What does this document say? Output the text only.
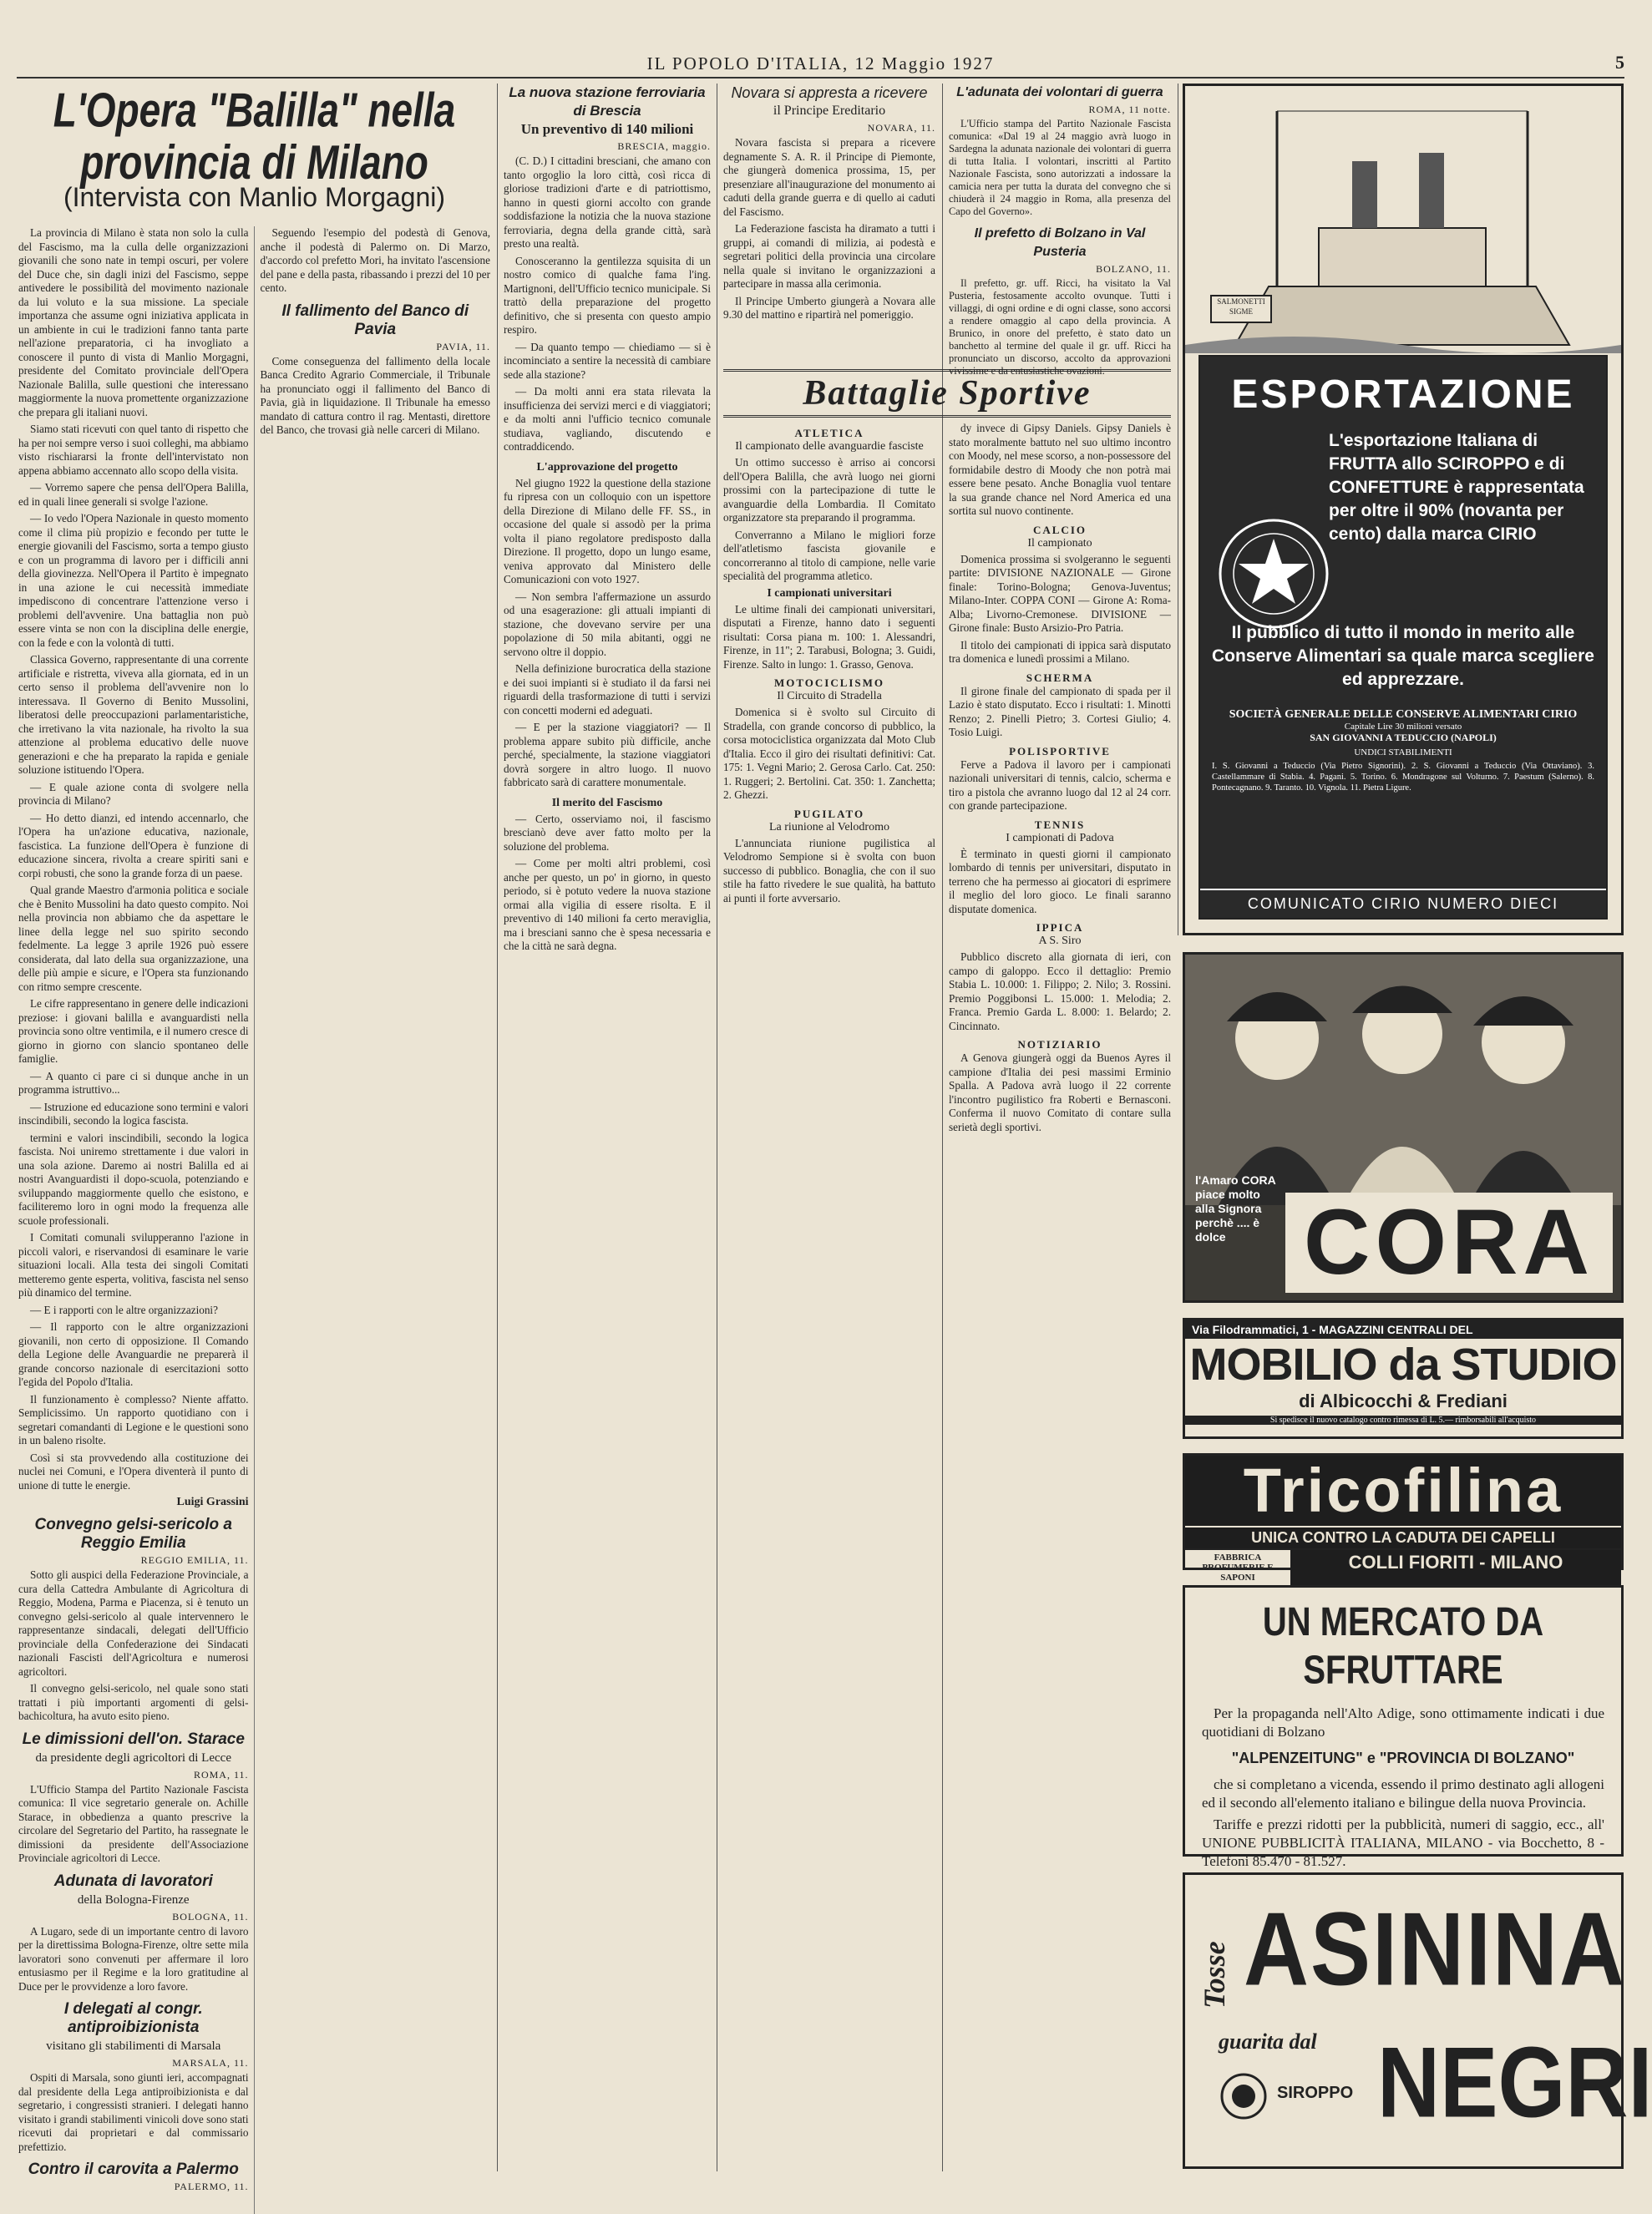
IL POPOLO D'ITALIA, 12 Maggio 1927	5
L'Opera "Balilla" nella provincia di Milano
(Intervista con Manlio Morgagni)

La provincia di Milano è stata non solo la culla del Fascismo, ma la culla delle organizzazioni giovanili che sono nate in tempi oscuri, per volere del Duce che, sin dagli inizi del Fascismo, seppe antivedere le possibilità del movimento nazionale da lui voluto e la sua missione. La speciale importanza che assume ogni iniziativa applicata in un ambiente in cui le tradizioni fanno tanta parte nell'azione preparatoria, ci ha invogliato a conoscere il punto di vista di Manlio Morgagni, presidente del Comitato provinciale dell'Opera Nazionale Balilla, sulle questioni che interessano maggiormente la nuova promettente organizzazione che prepara gli italiani nuovi.

Siamo stati ricevuti con quel tanto di rispetto che ha per noi sempre verso i suoi colleghi, ma abbiamo visto rischiararsi la fronte dell'intervistato non appena abbiamo accennato allo scopo della visita.

— Vorremo sapere che pensa dell'Opera Balilla, ed in quali linee generali si svolge l'azione.

— Io vedo l'Opera Nazionale in questo momento come il clima più propizio e fecondo per tutte le energie giovanili del Fascismo, sorta a tempo giusto e con un programma di lavoro per i difficili anni della giovinezza. Nell'Opera il Partito è impegnato in una azione le cui necessità immediate impediscono di concentrare l'attenzione verso i problemi dell'avvenire. Una battaglia non può essere vinta se non con la disciplina delle energie, con la fede e con la volontà di tutti.

Classica Governo, rappresentante di una corrente artificiale e ristretta, viveva alla giornata, ed in un certo senso il problema dell'avvenire non lo interessava. Il Governo di Benito Mussolini, liberatosi delle preoccupazioni parlamentaristiche, che irretivano la vita nazionale, ha rivolto la sua attenzione al problema educativo delle nuove generazioni e che ha preparato la rapida e geniale soluzione istituendo l'Opera.

— E quale azione conta di svolgere nella provincia di Milano?

— Ho detto dianzi, ed intendo accennarlo, che l'Opera ha un'azione educativa, nazionale, fascistica. La funzione dell'Opera è funzione di educazione sincera, rivolta a creare spiriti sani e corpi robusti, che sono la grande forza di un paese.

Qual grande Maestro d'armonia politica e sociale che è Benito Mussolini ha dato questo compito. Noi nella provincia non abbiamo che da aspettare le linee della legge nel suo spirito secondo fedelmente. La legge 3 aprile 1926 può essere considerata, dal lato della sua organizzazione, una delle più ampie e sicure, e l'Opera sta funzionando con ritmo sempre crescente.

Le cifre rappresentano in genere delle indicazioni preziose: i giovani balilla e avanguardisti nella provincia sono oltre ventimila, e il numero cresce di giorno in giorno con slancio spontaneo delle famiglie.

— A quanto ci pare ci si dunque anche in un programma istruttivo...

— Istruzione ed educazione sono termini e valori inscindibili, secondo la logica fascista.

termini e valori inscindibili, secondo la logica fascista. Noi uniremo strettamente i due valori in una sola azione. Daremo ai nostri Balilla ed ai nostri Avanguardisti il dopo-scuola, potenziando e sviluppando maggiormente quello che esistono, e faciliteremo loro in ogni modo la frequenza alle scuole professionali.

I Comitati comunali svilupperanno l'azione in piccoli valori, e riservandosi di esaminare le varie situazioni locali. Alla testa dei singoli Comitati metteremo gente esperta, volitiva, fascista nel senso più dinamico del termine.

— E i rapporti con le altre organizzazioni?

— Il rapporto con le altre organizzazioni giovanili, non certo di opposizione. Il Comando della Legione delle Avanguardie ne preparerà il grande concorso nazionale di esercitazioni sotto l'egida del Popolo d'Italia.

Il funzionamento è complesso? Niente affatto. Semplicissimo. Un rapporto quotidiano con i segretari comandanti di Legione e le questioni sono in un baleno risolte.

Così si sta provvedendo alla costituzione dei nuclei nei Comuni, e l'Opera diventerà il punto di unione di tutte le energie.

Luigi Grassini
Convegno gelsi-sericolo a Reggio Emilia
REGGIO EMILIA, 11.

Sotto gli auspici della Federazione Provinciale, a cura della Cattedra Ambulante di Agricoltura di Reggio, Modena, Parma e Piacenza, si è tenuto un convegno gelsi-sericolo al quale intervennero le rappresentanze sindacali, delegati dell'Ufficio provinciale della Confederazione dei Sindacati nazionali Fascisti dell'Agricoltura e numerosi agricoltori.

Il convegno gelsi-sericolo, nel quale sono stati trattati i più importanti argomenti di gelsi-bachicoltura, ha avuto esito pieno.

Le dimissioni dell'on. Starace
da presidente degli agricoltori di Lecce
ROMA, 11.

L'Ufficio Stampa del Partito Nazionale Fascista comunica: Il vice segretario generale on. Achille Starace, in obbedienza a quanto prescrive la circolare del Segretario del Partito, ha rassegnate le dimissioni da presidente dell'Associazione Provinciale agricoltori di Lecce.

Adunata di lavoratori
della Bologna-Firenze
BOLOGNA, 11.

A Lugaro, sede di un importante centro di lavoro per la direttissima Bologna-Firenze, oltre sette mila lavoratori sono convenuti per affermare il loro entusiasmo per il Regime e la loro gratitudine al Duce per le provvidenze a loro favore.

I delegati al congr. antiproibizionista
visitano gli stabilimenti di Marsala
MARSALA, 11.

Ospiti di Marsala, sono giunti ieri, accompagnati dal presidente della Lega antiproibizionista e dal segretario, i congressisti stranieri. I delegati hanno visitato i grandi stabilimenti vinicoli dove sono stati ricevuti dai proprietari e dal commissario prefettizio.

Contro il carovita a Palermo
PALERMO, 11.

Seguendo l'esempio del podestà di Genova, anche il podestà di Palermo on. Di Marzo, d'accordo col prefetto Mori, ha invitato l'ascensione del pane e della pasta, ribassando i prezzi del 10 per cento.

Il fallimento del Banco di Pavia
PAVIA, 11.

Come conseguenza del fallimento della locale Banca Credito Agrario Commerciale, il Tribunale ha pronunciato oggi il fallimento del Banco di Pavia, già in liquidazione. Il Tribunale ha emesso mandato di cattura contro il rag. Mentasti, direttore del Banco, che trovasi già nelle carceri di Milano.

La nuova stazione ferroviaria di Brescia
Un preventivo di 140 milioni
BRESCIA, maggio.

(C. D.) I cittadini bresciani, che amano con tanto orgoglio la loro città, così ricca di gloriose tradizioni d'arte e di patriottismo, hanno in questi giorni accolto con grande soddisfazione la notizia che la nuova stazione ferroviaria, degna della grande città, sarà presto una realtà.

Conosceranno la gentilezza squisita di un nostro comico di qualche fama l'ing. Martignoni, dell'Ufficio tecnico municipale. Si trattò della preparazione del progetto definitivo, che si presenta con questo ampio respiro.

— Da quanto tempo — chiediamo — si è incominciato a sentire la necessità di cambiare sede alla stazione?

— Da molti anni era stata rilevata la insufficienza dei servizi merci e di viaggiatori; e da molti anni l'ufficio tecnico comunale studiava, vagliando, discutendo e contraddicendo.

L'approvazione del progetto

Nel giugno 1922 la questione della stazione fu ripresa con un colloquio con un ispettore della Direzione di Milano delle FF. SS., in occasione del quale si assodò per la prima volta il piano regolatore predisposto dalla Direzione. Il progetto, dopo un lungo esame, veniva approvato dal Ministero delle Comunicazioni con voto 1927.

— Non sembra l'affermazione un assurdo od una esagerazione: gli attuali impianti di stazione, che dovevano servire per una popolazione di 50 mila abitanti, oggi ne servono oltre il doppio.

Nella definizione burocratica della stazione e dei suoi impianti si è studiato il da farsi nei riguardi della trasformazione di tutti i servizi con concetti moderni ed adeguati.

— E per la stazione viaggiatori? — Il problema appare subito più difficile, anche perché, specialmente, la stazione viaggiatori dovrà sorgere in altro luogo. Il nuovo fabbricato sarà di carattere monumentale.

Il merito del Fascismo

— Certo, osserviamo noi, il fascismo brescianò deve aver fatto molto per la soluzione del problema.

— Come per molti altri problemi, così anche per questo, un po' in giorno, in questo periodo, si è potuto vedere la nuova stazione ormai alla vigilia di essere risolta. E il preventivo di 140 milioni fa certo meraviglia, ma i bresciani sanno che è spesa necessaria e che la città ne sarà degna.

Novara si appresta a ricevere
il Principe Ereditario
NOVARA, 11.

Novara fascista si prepara a ricevere degnamente S. A. R. il Principe di Piemonte, che giungerà domenica prossima, 15, per presenziare all'inaugurazione del monumento ai caduti della grande guerra e di quello ai caduti del Fascismo.

La Federazione fascista ha diramato a tutti i gruppi, ai comandi di milizia, ai podestà e segretari politici della provincia una circolare nella quale si invitano le organizzazioni a partecipare in massa alla cerimonia.

Il Principe Umberto giungerà a Novara alle 9.30 del mattino e ripartirà nel pomeriggio.

Battaglie Sportive
ATLETICA
Il campionato delle avanguardie fasciste

Un ottimo successo è arriso ai concorsi dell'Opera Balilla, che avrà luogo nei giorni prossimi con la partecipazione di tutte le avanguardie della Lombardia. Il Comitato organizzatore sta preparando il programma.

Converranno a Milano le migliori forze dell'atletismo fascista giovanile e concorreranno al titolo di campione, nelle varie specialità del programma atletico.

I campionati universitari

Le ultime finali dei campionati universitari, disputati a Firenze, hanno dato i seguenti risultati: Corsa piana m. 100: 1. Alessandri, Firenze, in 11"; 2. Tarabusi, Bologna; 3. Guidi, Firenze. Salto in lungo: 1. Grasso, Genova.

MOTOCICLISMO
Il Circuito di Stradella

Domenica si è svolto sul Circuito di Stradella, con grande concorso di pubblico, la corsa motociclistica organizzata dal Moto Club d'Italia. Ecco il giro dei risultati definitivi: Cat. 175: 1. Vegni Mario; 2. Gerosa Carlo. Cat. 250: 1. Ruggeri; 2. Bertolini. Cat. 350: 1. Zanchetta; 2. Ghezzi.

PUGILATO
La riunione al Velodromo

L'annunciata riunione pugilistica al Velodromo Sempione si è svolta con buon successo di pubblico. Bonaglia, che con il suo stile ha fatto rivedere le sue qualità, ha battuto ai punti il forte avversario.

dy invece di Gipsy Daniels. Gipsy Daniels è stato moralmente battuto nel suo ultimo incontro con Moody, nel mese scorso, a non-possessore del formidabile destro di Moody che non potrà mai essere bene pesato. Anche Bonaglia vuol tentare la sua grande chance nel Nord America ed una sortita sul nuovo continente.

CALCIO
Il campionato

Domenica prossima si svolgeranno le seguenti partite: DIVISIONE NAZIONALE — Girone finale: Torino-Bologna; Genova-Juventus; Milano-Inter. COPPA CONI — Girone A: Roma-Alba; Livorno-Cremonese. DIVISIONE — Girone finale: Busto Arsizio-Pro Patria.

Il titolo dei campionati di ippica sarà disputato tra domenica e lunedì prossimi a Milano.

SCHERMA

Il girone finale del campionato di spada per il Lazio è stato disputato. Ecco i risultati: 1. Minotti Renzo; 2. Pinelli Pietro; 3. Cortesi Giulio; 4. Tosio Luigi.

POLISPORTIVE

Ferve a Padova il lavoro per i campionati nazionali universitari di tennis, calcio, scherma e tiro a pistola che avranno luogo dal 12 al 24 corr. con grande partecipazione.

TENNIS
I campionati di Padova

È terminato in questi giorni il campionato lombardo di tennis per universitari, disputato in terreno che ha permesso ai giocatori di esprimere il meglio del loro gioco. Le finali saranno disputate domenica.

IPPICA
A S. Siro

Pubblico discreto alla giornata di ieri, con campo di galoppo. Ecco il dettaglio: Premio Stabia L. 10.000: 1. Filippo; 2. Nilo; 3. Rossini. Premio Poggibonsi L. 15.000: 1. Melodia; 2. Franca. Premio Garda L. 8.000: 1. Belardo; 2. Cincinnato.

NOTIZIARIO

A Genova giungerà oggi da Buenos Ayres il campione d'Italia dei pesi massimi Erminio Spalla. A Padova avrà luogo il 22 corrente l'incontro pugilistico fra Roberti e Bernasconi. Conferma il nuovo Comitato di contare sulla serietà degli sportivi.

L'adunata dei volontari di guerra
ROMA, 11 notte.

L'Ufficio stampa del Partito Nazionale Fascista comunica: «Dal 19 al 24 maggio avrà luogo in Sardegna la adunata nazionale dei volontari di guerra di tutta Italia. I volontari, inscritti al Partito Nazionale Fascista, sono autorizzati a indossare la camicia nera per tutta la durata del convegno che si chiuderà il 24 maggio in Roma, alla presenza del Capo del Governo».

Il prefetto di Bolzano in Val Pusteria
BOLZANO, 11.

Il prefetto, gr. uff. Ricci, ha visitato la Val Pusteria, festosamente accolto ovunque. Tutti i villaggi, di ogni ordine e di ogni classe, sono accorsi a rendere omaggio al capo della provincia. A Brunico, in onore del prefetto, è stato dato un banchetto al termine del quale il gr. uff. Ricci ha pronunciato un discorso, accolto da approvazioni vivissime e da entusiastiche ovazioni.

SALMONETTI SIGME
ESPORTAZIONE
L'esportazione Italiana di FRUTTA allo SCIROPPO e di CONFETTURE è rappresentata per oltre il 90% (novanta per cento) dalla marca CIRIO
Il pubblico di tutto il mondo in merito alle Conserve Alimentari sa quale marca scegliere ed apprezzare.
SOCIETÀ GENERALE DELLE CONSERVE ALIMENTARI CIRIO
Capitale Lire 30 milioni versato
SAN GIOVANNI A TEDUCCIO (NAPOLI)
UNDICI STABILIMENTI
I. S. Giovanni a Teduccio (Via Pietro Signorini). 2. S. Giovanni a Teduccio (Via Ottaviano). 3. Castellammare di Stabia. 4. Pagani. 5. Torino. 6. Mondragone sul Volturno. 7. Paestum (Salerno). 8. Pontecagnano. 9. Taranto. 10. Vignola. 11. Pietra Ligure.
COMUNICATO CIRIO NUMERO DIECI
l'Amaro CORA piace molto alla Signora perchè .... è dolce CORA
Via Filodrammatici, 1 - MAGAZZINI CENTRALI DEL
MOBILIO da STUDIO
di Albicocchi & Frediani
Si spedisce il nuovo catalogo contro rimessa di L. 5.— rimborsabili all'acquisto
Tricofilina
UNICA CONTRO LA CADUTA DEI CAPELLI
FABBRICA PROFUMERIE E SAPONI
COLLI FIORITI - MILANO
UN MERCATO DA SFRUTTARE

Per la propaganda nell'Alto Adige, sono ottimamente indicati i due quotidiani di Bolzano

"ALPENZEITUNG" e "PROVINCIA DI BOLZANO"

che si completano a vicenda, essendo il primo destinato agli allogeni ed il secondo all'elemento italiano e bilingue della nuova Provincia.

Tariffe e prezzi ridotti per la pubblicità, numeri di saggio, ecc., all' UNIONE PUBBLICITÀ ITALIANA, MILANO - via Bocchetto, 8 - Telefoni 85.470 - 81.527.

Tosse ASININA
guarita dal
SIROPPO NEGRI
